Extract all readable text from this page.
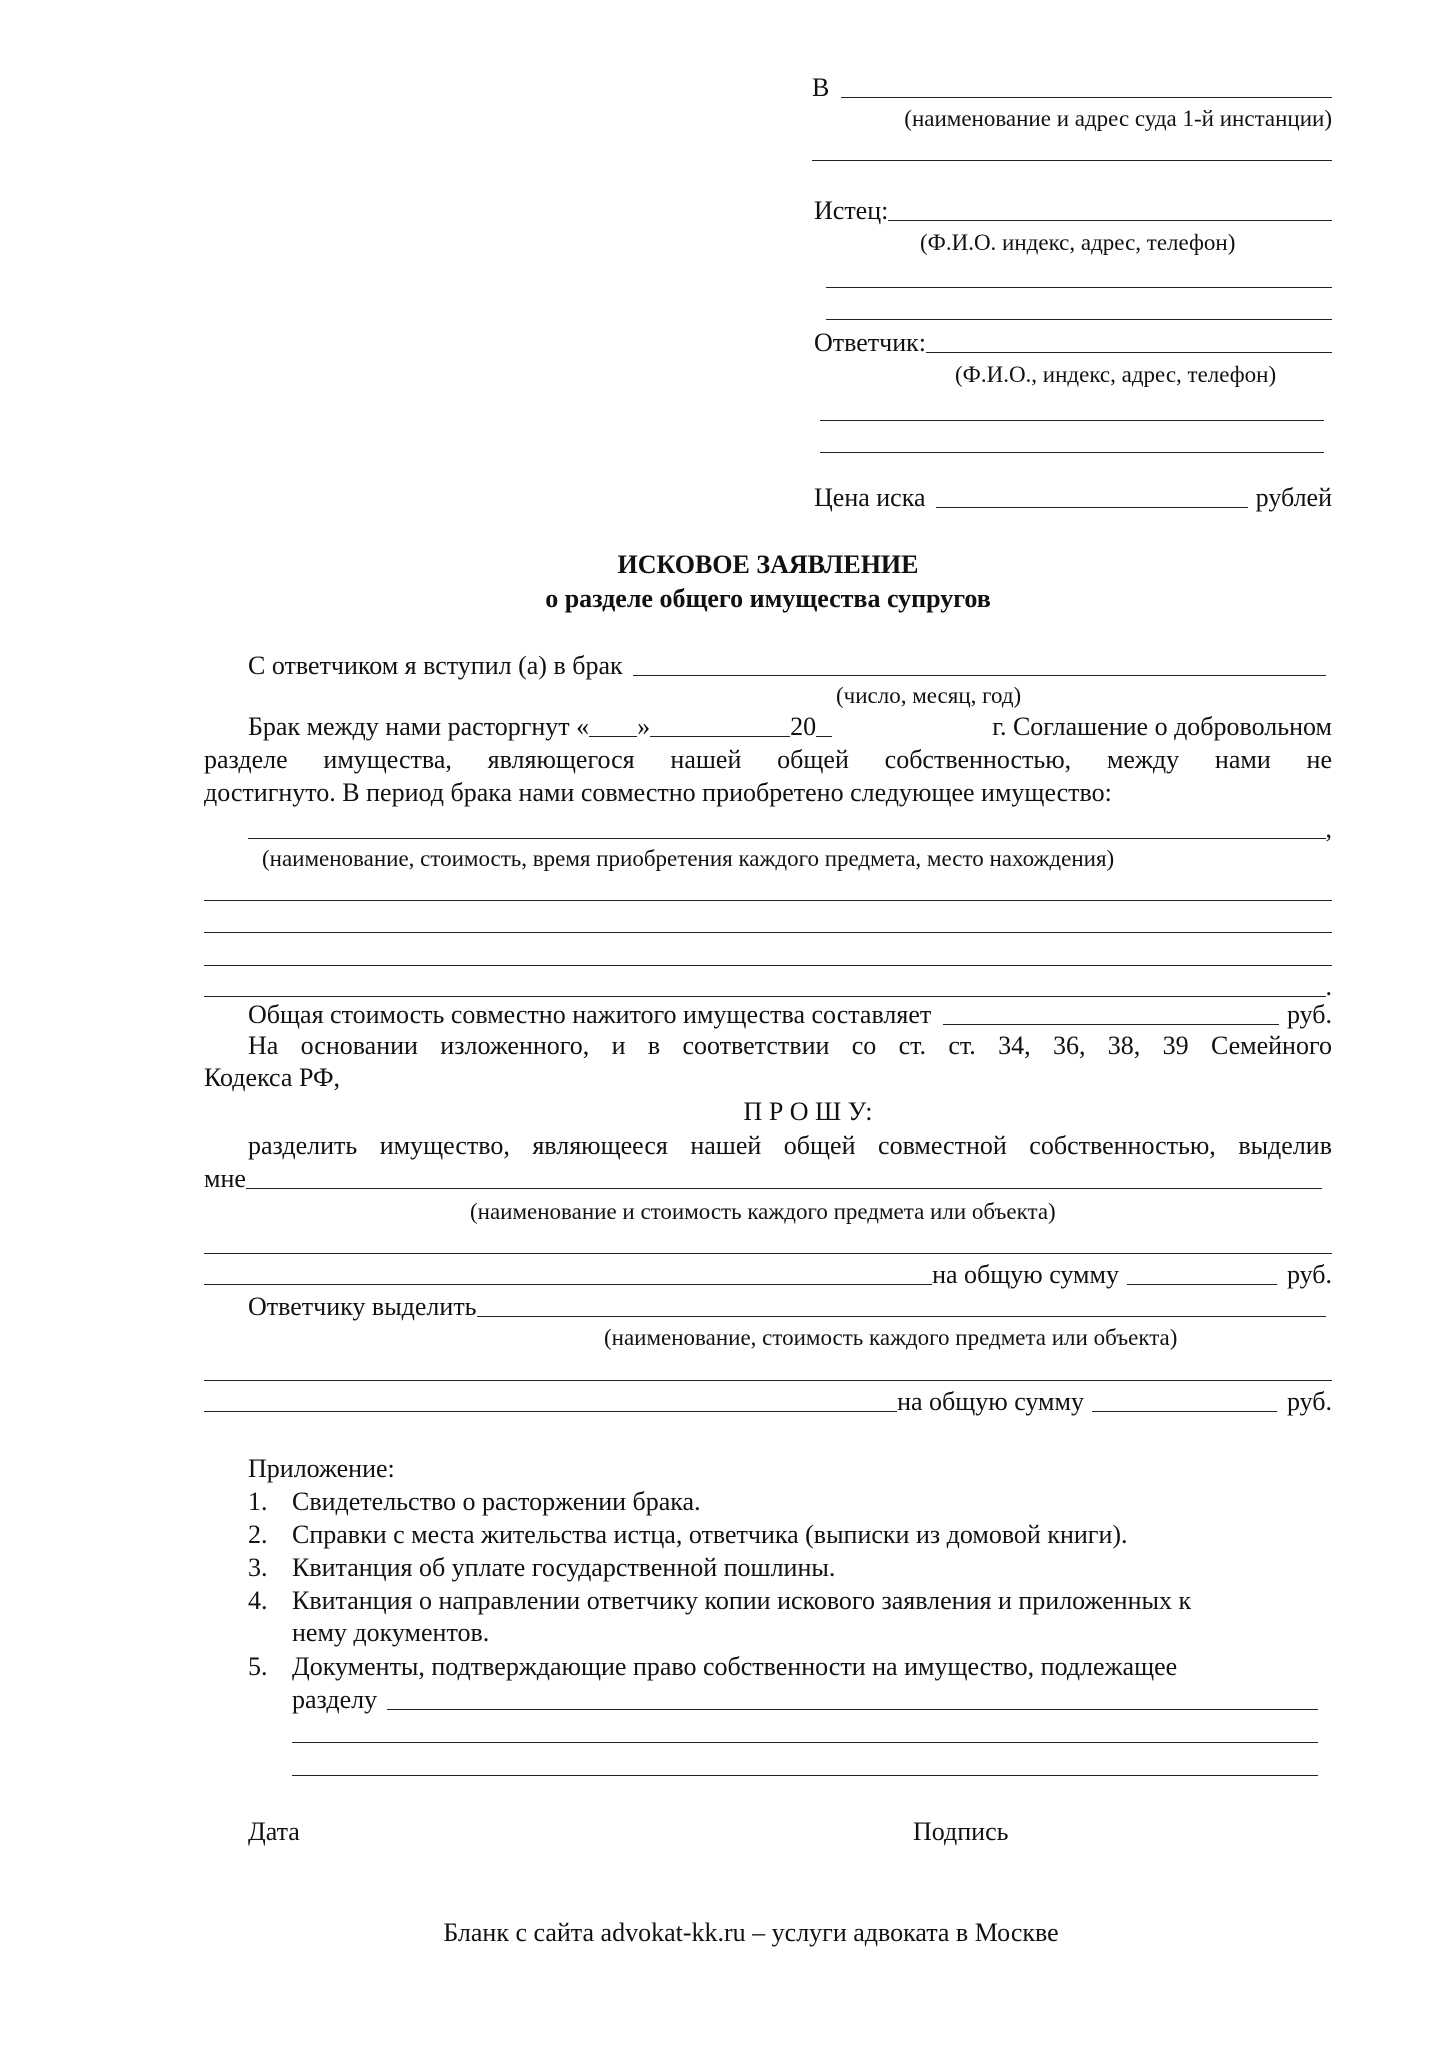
В
(наименование и адрес суда 1-й инстанции)
Истец:
(Ф.И.О. индекс, адрес, телефон)
Ответчик:
(Ф.И.О., индекс, адрес, телефон)
Цена иска	рублей
ИСКОВОЕ ЗАЯВЛЕНИЕ
о разделе общего имущества супругов
С ответчиком я вступил (а) в брак
(число, месяц, год)
Брак между нами расторгнут « »	20	г. Соглашение о добровольном
разделе имущества, являющегося нашей общей собственностью, между нами не
достигнуто. В период брака нами совместно приобретено следующее имущество:
,
(наименование, стоимость, время приобретения каждого предмета, место нахождения)
.
Общая стоимость совместно нажитого имущества составляет	руб.
На основании изложенного, и в соответствии со ст. ст. 34, 36, 38, 39 Семейного
Кодекса РФ,
П Р О Ш У:
разделить имущество, являющееся нашей общей совместной собственностью, выделив
мне
(наименование и стоимость каждого предмета или объекта)
на общую сумму	руб.
Ответчику выделить
(наименование, стоимость каждого предмета или объекта)
на общую сумму	руб.
Приложение:
1. Свидетельство о расторжении брака.
2. Справки с места жительства истца, ответчика (выписки из домовой книги).
3. Квитанция об уплате государственной пошлины.
4. Квитанция о направлении ответчику копии искового заявления и приложенных к
нему документов.
5. Документы, подтверждающие право собственности на имущество, подлежащее
разделу
Дата	Подпись
Бланк с сайта advokat-kk.ru – услуги адвоката в Москве
